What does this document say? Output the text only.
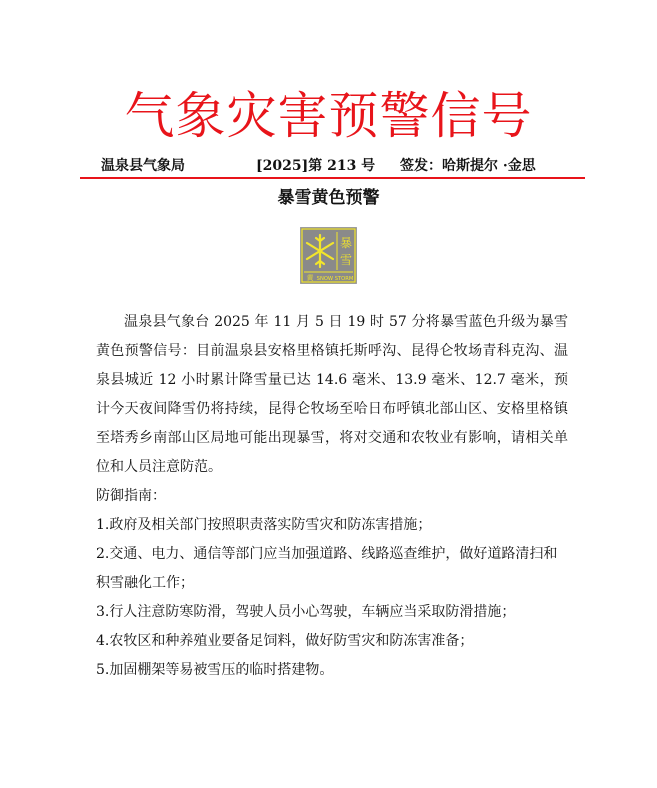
气象灾害预警信号
温泉县气象局	[2025]第 213 号 签发：哈斯提尔 ·金思
暴雪黄色预警
暴
雪
黄 SNOW STORM

温泉县气象台 2025 年 11 月 5 日 19 时 57 分将暴雪蓝色升级为暴雪黄色预警信号：目前温泉县安格里格镇托斯呼沟、昆得仑牧场青科克沟、温泉县城近 12 小时累计降雪量已达 14.6 毫米、13.9 毫米、12.7 毫米，预计今天夜间降雪仍将持续，昆得仑牧场至哈日布呼镇北部山区、安格里格镇至塔秀乡南部山区局地可能出现暴雪，将对交通和农牧业有影响，请相关单位和人员注意防范。

防御指南：

1.政府及相关部门按照职责落实防雪灾和防冻害措施；

2.交通、电力、通信等部门应当加强道路、线路巡查维护，做好道路清扫和积雪融化工作；

3.行人注意防寒防滑，驾驶人员小心驾驶，车辆应当采取防滑措施；

4.农牧区和种养殖业要备足饲料，做好防雪灾和防冻害准备；

5.加固棚架等易被雪压的临时搭建物。
